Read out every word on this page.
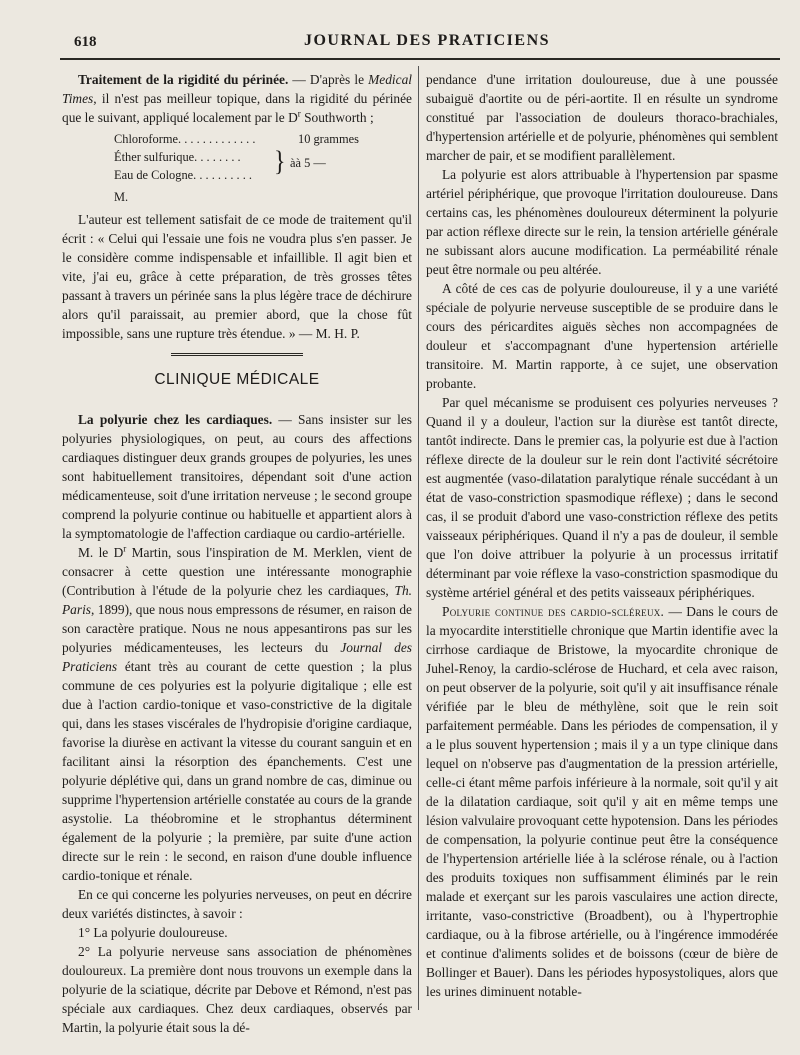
618	JOURNAL DES PRATICIENS

Traitement de la rigidité du périnée. — D'après le Medical Times, il n'est pas meilleur topique, dans la rigidité du périnée que le suivant, appliqué localement par le $D^r$ Southworth ;

Chloroforme. . . . . . . . . . . . .	10 grammes
Éther sulfurique. . . . . . . .
Eau de Cologne. . . . . . . . . . } àà 5 —
M.

L'auteur est tellement satisfait de ce mode de traitement qu'il écrit : « Celui qui l'essaie une fois ne voudra plus s'en passer. Je le considère comme indispensable et infaillible. Il agit bien et vite, j'ai eu, grâce à cette préparation, de très grosses têtes passant à travers un périnée sans la plus légère trace de déchirure alors qu'il paraissait, au premier abord, que la chose fût impossible, sans une rupture très étendue. » — M. H. P.

CLINIQUE MÉDICALE

La polyurie chez les cardiaques. — Sans insister sur les polyuries physiologiques, on peut, au cours des affections cardiaques distinguer deux grands groupes de polyuries, les unes sont habituellement transitoires, dépendant soit d'une action médicamenteuse, soit d'une irritation nerveuse ; le second groupe comprend la polyurie continue ou habituelle et appartient alors à la symptomatologie de l'affection cardiaque ou cardio-artérielle.

M. le $D^r$ Martin, sous l'inspiration de M. Merklen, vient de consacrer à cette question une intéressante monographie (Contribution à l'étude de la polyurie chez les cardiaques, Th. Paris, 1899), que nous nous empressons de résumer, en raison de son caractère pratique. Nous ne nous appesantirons pas sur les polyuries médicamenteuses, les lecteurs du Journal des Praticiens étant très au courant de cette question ; la plus commune de ces polyuries est la polyurie digitalique ; elle est due à l'action cardio-tonique et vaso-constrictive de la digitale qui, dans les stases viscérales de l'hydropisie d'origine cardiaque, favorise la diurèse en activant la vitesse du courant sanguin et en facilitant ainsi la résorption des épanchements. C'est une polyurie déplétive qui, dans un grand nombre de cas, diminue ou supprime l'hypertension artérielle constatée au cours de la grande asystolie. La théobromine et le strophantus déterminent également de la polyurie ; la première, par suite d'une action directe sur le rein : le second, en raison d'une double influence cardio-tonique et rénale.

En ce qui concerne les polyuries nerveuses, on peut en décrire deux variétés distinctes, à savoir :

1° La polyurie douloureuse.

2° La polyurie nerveuse sans association de phénomènes douloureux. La première dont nous trouvons un exemple dans la polyurie de la sciatique, décrite par Debove et Rémond, n'est pas spéciale aux cardiaques. Chez deux cardiaques, observés par Martin, la polyurie était sous la dé-

pendance d'une irritation douloureuse, due à une poussée subaiguë d'aortite ou de péri-aortite. Il en résulte un syndrome constitué par l'association de douleurs thoraco-brachiales, d'hypertension artérielle et de polyurie, phénomènes qui semblent marcher de pair, et se modifient parallèlement.

La polyurie est alors attribuable à l'hypertension par spasme artériel périphérique, que provoque l'irritation douloureuse. Dans certains cas, les phénomènes douloureux déterminent la polyurie par action réflexe directe sur le rein, la tension artérielle générale ne subissant alors aucune modification. La perméabilité rénale peut être normale ou peu altérée.

A côté de ces cas de polyurie douloureuse, il y a une variété spéciale de polyurie nerveuse susceptible de se produire dans le cours des péricardites aiguës sèches non accompagnées de douleur et s'accompagnant d'une hypertension artérielle transitoire. M. Martin rapporte, à ce sujet, une observation probante.

Par quel mécanisme se produisent ces polyuries nerveuses ? Quand il y a douleur, l'action sur la diurèse est tantôt directe, tantôt indirecte. Dans le premier cas, la polyurie est due à l'action réflexe directe de la douleur sur le rein dont l'activité sécrétoire est augmentée (vaso-dilatation paralytique rénale succédant à un état de vaso-constriction spasmodique réflexe) ; dans le second cas, il se produit d'abord une vaso-constriction réflexe des petits vaisseaux périphériques. Quand il n'y a pas de douleur, il semble que l'on doive attribuer la polyurie à un processus irritatif déterminant par voie réflexe la vaso-constriction spasmodique du système artériel général et des petits vaisseaux périphériques.

Polyurie continue des cardio-scléreux. — Dans le cours de la myocardite interstitielle chronique que Martin identifie avec la cirrhose cardiaque de Bristowe, la myocardite chronique de Juhel-Renoy, la cardio-sclérose de Huchard, et cela avec raison, on peut observer de la polyurie, soit qu'il y ait insuffisance rénale vérifiée par le bleu de méthylène, soit que le rein soit parfaitement perméable. Dans les périodes de compensation, il y a le plus souvent hypertension ; mais il y a un type clinique dans lequel on n'observe pas d'augmentation de la pression artérielle, celle-ci étant même parfois inférieure à la normale, soit qu'il y ait de la dilatation cardiaque, soit qu'il y ait en même temps une lésion valvulaire provoquant cette hypotension. Dans les périodes de compensation, la polyurie continue peut être la conséquence de l'hypertension artérielle liée à la sclérose rénale, ou à l'action des produits toxiques non suffisamment éliminés par le rein malade et exerçant sur les parois vasculaires une action directe, irritante, vaso-constrictive (Broadbent), ou à l'hypertrophie cardiaque, ou à la fibrose artérielle, ou à l'ingérence immodérée et continue d'aliments solides et de boissons (cœur de bière de Bollinger et Bauer). Dans les périodes hyposystoliques, alors que les urines diminuent notable-
